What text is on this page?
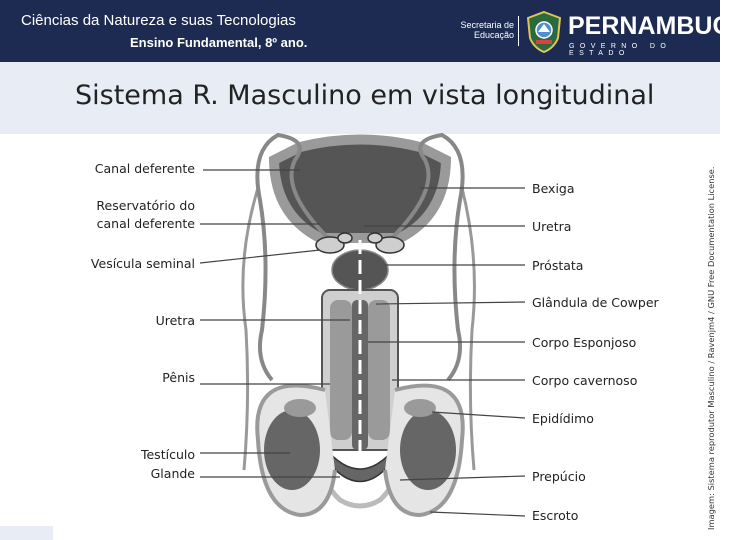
Ciências da Natureza e suas Tecnologias
Ensino Fundamental, 8º ano.
Secretaria de
Educação PERNAMBUCO
GOVERNO DO ESTADO
Sistema R. Masculino em vista longitudinal
Canal deferente
Reservatório do
canal deferente
Vesícula seminal
Uretra
Pênis
Testículo
Glande
Bexiga
Uretra
Próstata
Glândula de Cowper
Corpo Esponjoso
Corpo cavernoso
Epidídimo
Prepúcio
Escroto	Imagem: Sistema reprodutor Masculino / Ravenjm4 / GNU Free Documentation License.
